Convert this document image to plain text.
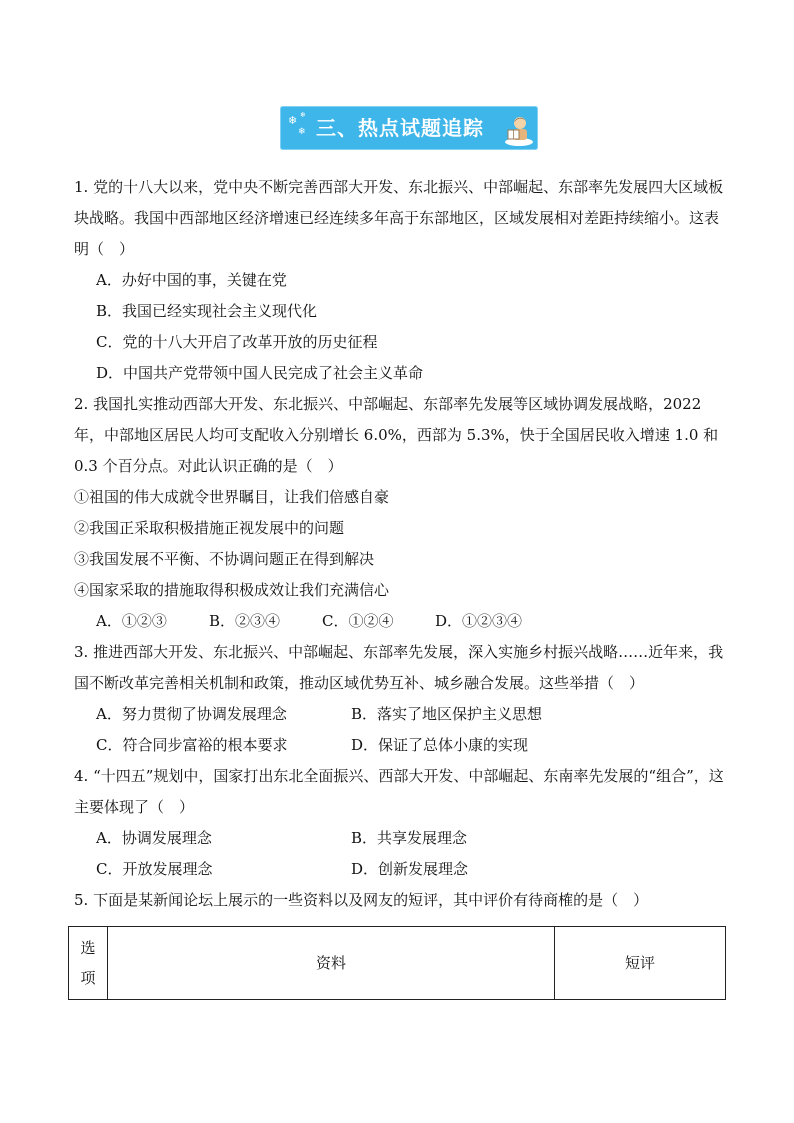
❄
❄
❄
三、热点试题追踪

1. 党的十八大以来，党中央不断完善西部大开发、东北振兴、中部崛起、东部率先发展四大区域板块战略。我国中西部地区经济增速已经连续多年高于东部地区，区域发展相对差距持续缩小。这表明（　）

A．办好中国的事，关键在党

B．我国已经实现社会主义现代化

C．党的十八大开启了改革开放的历史征程

D．中国共产党带领中国人民完成了社会主义革命

2. 我国扎实推动西部大开发、东北振兴、中部崛起、东部率先发展等区域协调发展战略，2022年，中部地区居民人均可支配收入分别增长 6.0%，西部为 5.3%，快于全国居民收入增速 1.0 和 0.3 个百分点。对此认识正确的是（　）

①祖国的伟大成就令世界瞩目，让我们倍感自豪

②我国正采取积极措施正视发展中的问题

③我国发展不平衡、不协调问题正在得到解决

④国家采取的措施取得积极成效让我们充满信心

A．①②③	B．②③④	C．①②④	D．①②③④

3. 推进西部大开发、东北振兴、中部崛起、东部率先发展，深入实施乡村振兴战略……近年来，我国不断改革完善相关机制和政策，推动区域优势互补、城乡融合发展。这些举措（　）

A．努力贯彻了协调发展理念	B．落实了地区保护主义思想
C．符合同步富裕的根本要求	D．保证了总体小康的实现

4. “十四五”规划中，国家打出东北全面振兴、西部大开发、中部崛起、东南率先发展的“组合”，这主要体现了（　）

A．协调发展理念	B．共享发展理念
C．开放发展理念	D．创新发展理念

5. 下面是某新闻论坛上展示的一些资料以及网友的短评，其中评价有待商榷的是（　）

选项	资料	短评
